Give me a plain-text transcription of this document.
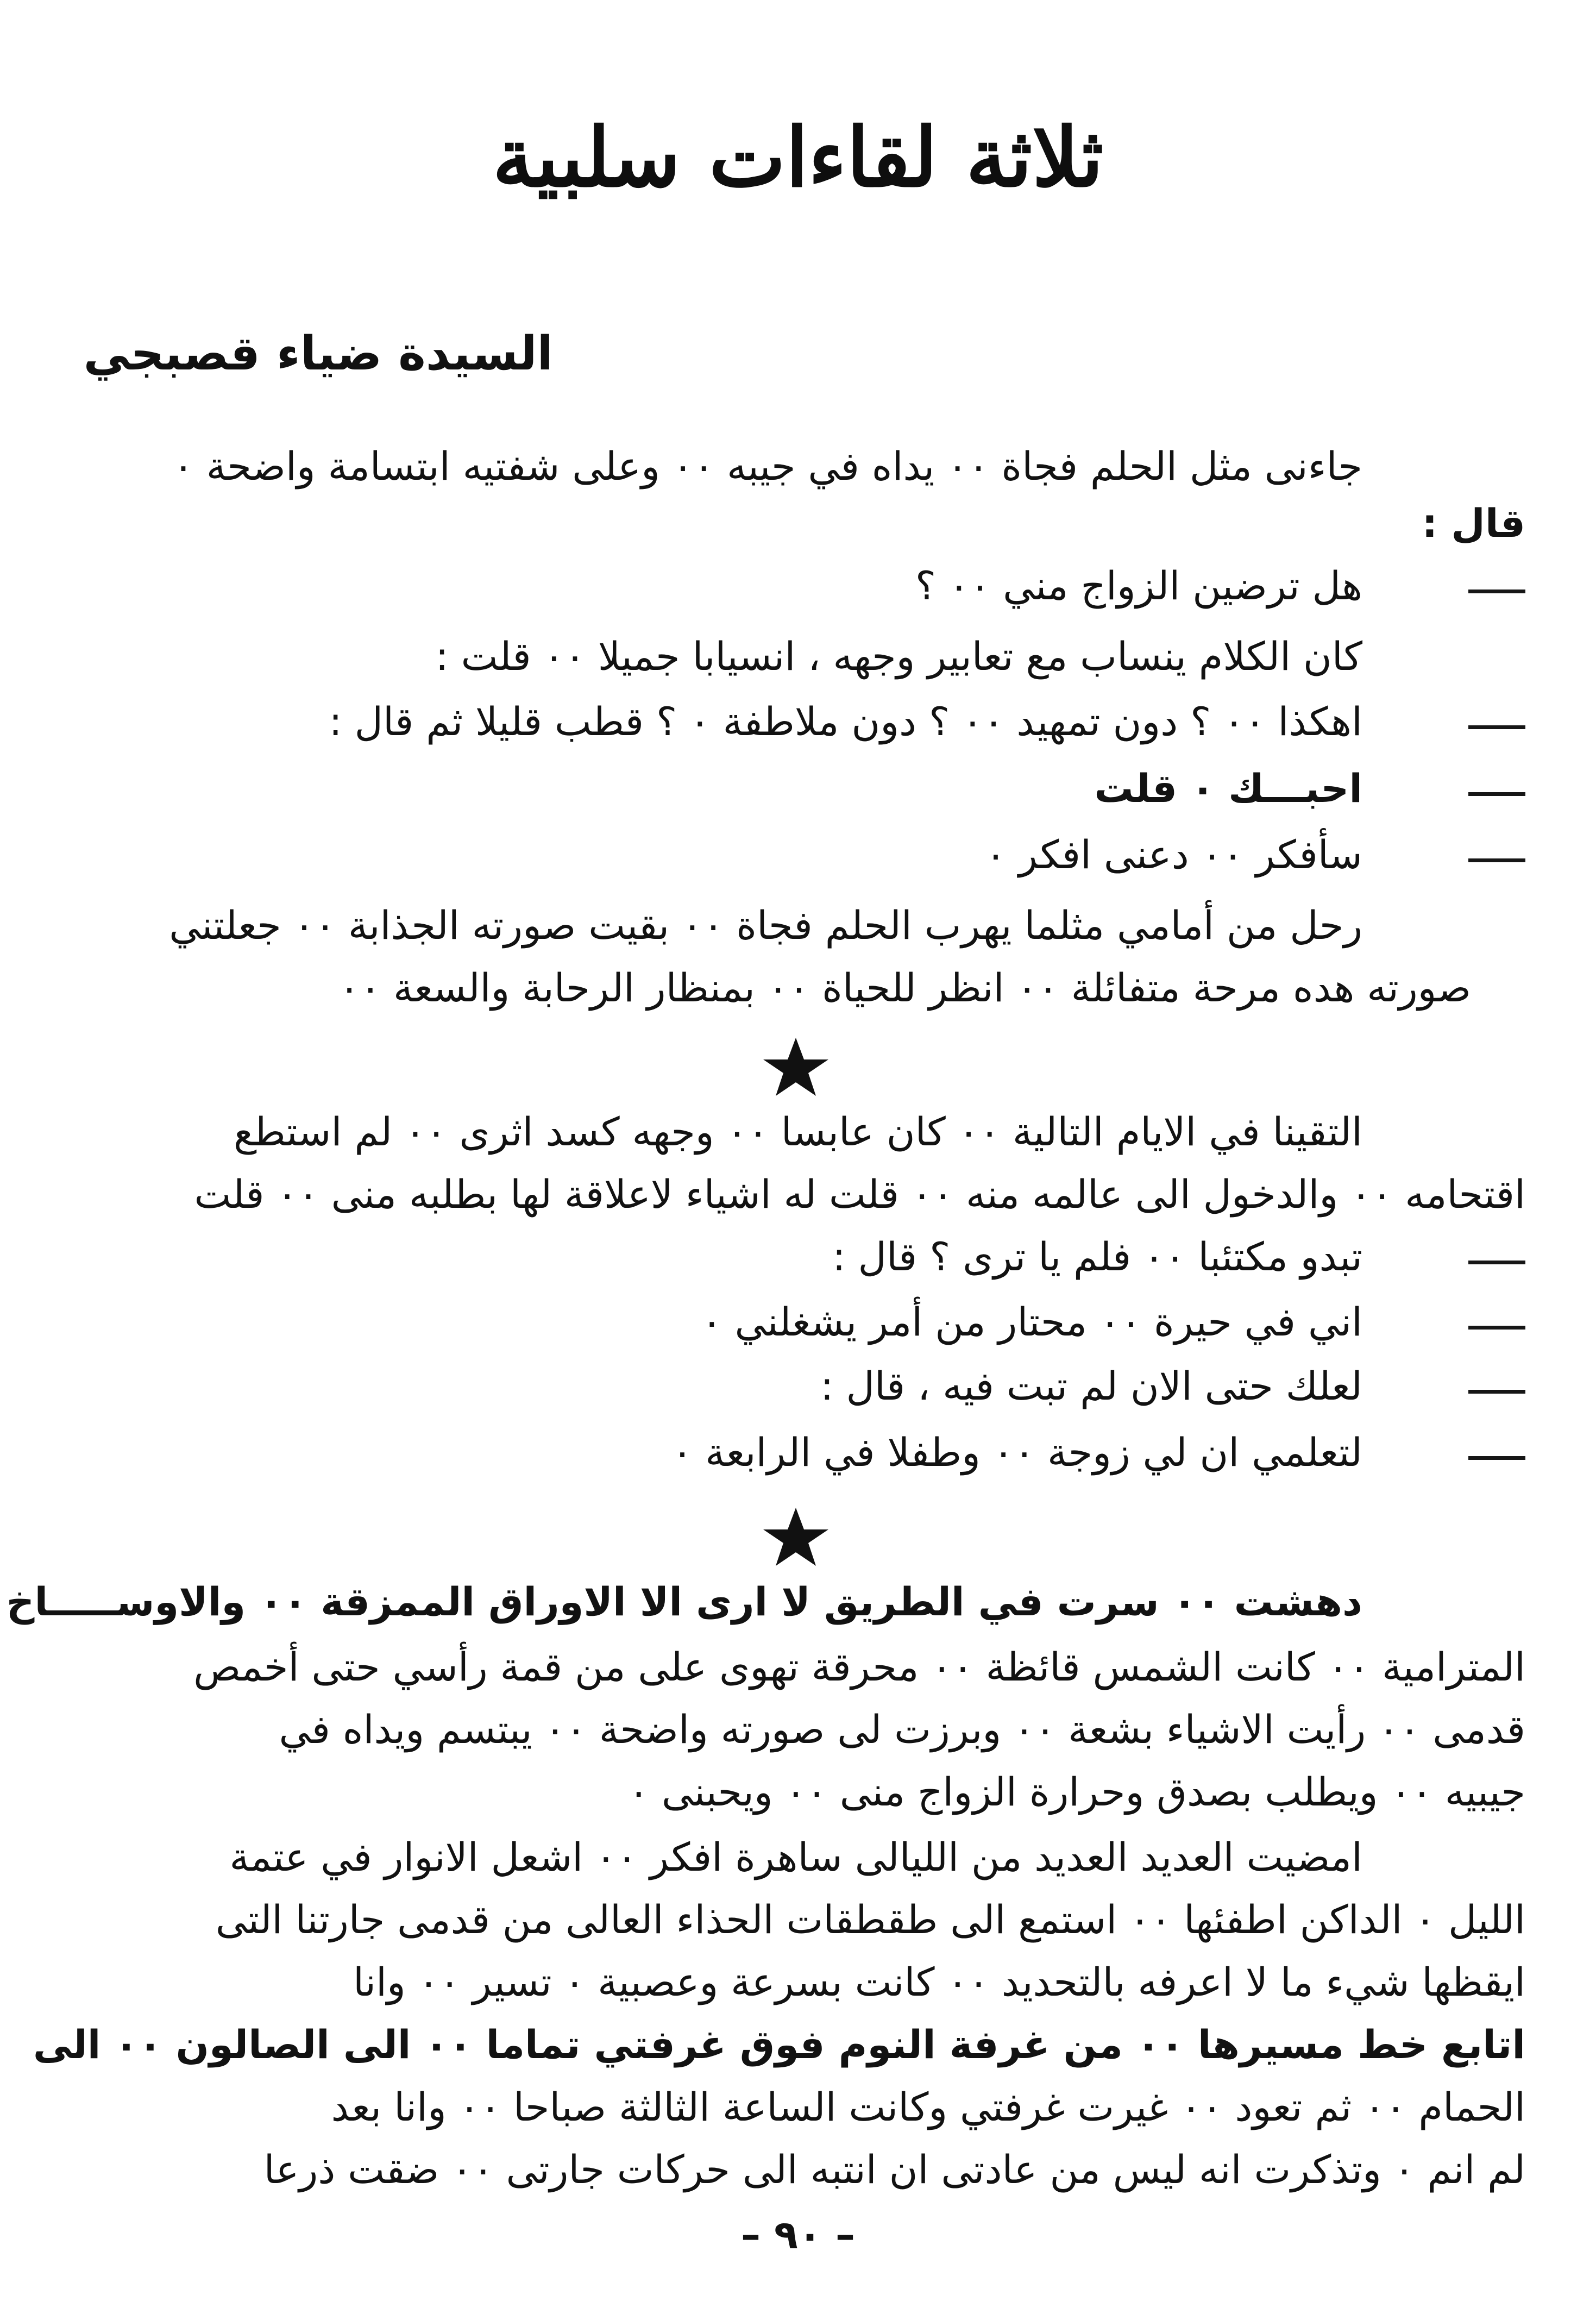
ثلاثة لقاءات سلبية
السيدة ضياء قصبجي
جاءنى مثل الحلم فجاة ٠٠ يداه في جيبه ٠٠ وعلى شفتيه ابتسامة واضحة ٠
قال :
هل ترضين الزواج مني ٠٠ ؟
كان الكلام ينساب مع تعابير وجهه ، انسيابا جميلا ٠٠ قلت :
اهكذا ٠٠ ؟ دون تمهيد ٠٠ ؟ دون ملاطفة ٠ ؟ قطب قليلا ثم قال :
احبـــك ٠ قلت
سأفكر ٠٠ دعنى افكر ٠
رحل من أمامي مثلما يهرب الحلم فجاة ٠٠ بقيت صورته الجذابة ٠٠ جعلتني
صورته هده مرحة متفائلة ٠٠ انظر للحياة ٠٠ بمنظار الرحابة والسعة ٠٠
التقينا في الايام التالية ٠٠ كان عابسا ٠٠ وجهه كسد اثرى ٠٠ لم استطع
اقتحامه ٠٠ والدخول الى عالمه منه ٠٠ قلت له اشياء لاعلاقة لها بطلبه منى ٠٠ قلت
تبدو مكتئبا ٠٠ فلم يا ترى ؟ قال :
اني في حيرة ٠٠ محتار من أمر يشغلني ٠
لعلك حتى الان لم تبت فيه ، قال :
لتعلمي ان لي زوجة ٠٠ وطفلا في الرابعة ٠
دهشت ٠٠ سرت في الطريق لا ارى الا الاوراق الممزقة ٠٠ والاوســـــاخ
المترامية ٠٠ كانت الشمس قائظة ٠٠ محرقة تهوى على من قمة رأسي حتى أخمص
قدمى ٠٠ رأيت الاشياء بشعة ٠٠ وبرزت لى صورته واضحة ٠٠ يبتسم ويداه في
جيبيه ٠٠ ويطلب بصدق وحرارة الزواج منى ٠٠ ويحبنى ٠
امضيت العديد العديد من الليالى ساهرة افكر ٠٠ اشعل الانوار في عتمة
الليل ٠ الداكن اطفئها ٠٠ استمع الى طقطقات الحذاء العالى من قدمى جارتنا التى
ايقظها شيء ما لا اعرفه بالتحديد ٠٠ كانت بسرعة وعصبية ٠ تسير ٠٠ وانا
اتابع خط مسيرها ٠٠ من غرفة النوم فوق غرفتي تماما ٠٠ الى الصالون ٠٠ الى
الحمام ٠٠ ثم تعود ٠٠ غيرت غرفتي وكانت الساعة الثالثة صباحا ٠٠ وانا بعد
لم انم ٠ وتذكرت انه ليس من عادتى ان انتبه الى حركات جارتى ٠٠ ضقت ذرعا
– ٩٠ –
